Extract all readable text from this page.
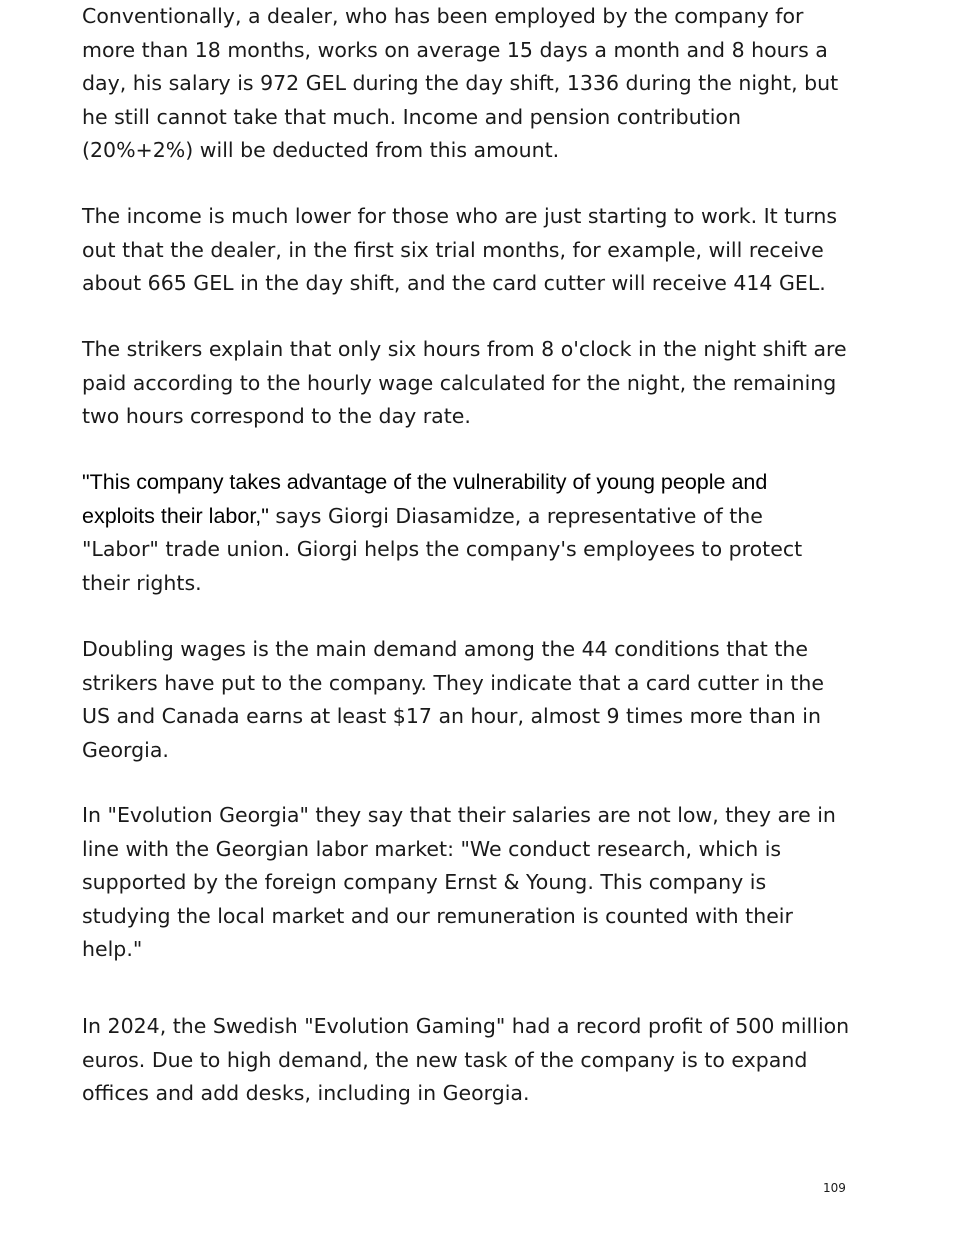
Conventionally, a dealer, who has been employed by the company for
more than 18 months, works on average 15 days a month and 8 hours a
day, his salary is 972 GEL during the day shift, 1336 during the night, but
he still cannot take that much. Income and pension contribution
(20%+2%) will be deducted from this amount.

The income is much lower for those who are just starting to work. It turns
out that the dealer, in the first six trial months, for example, will receive
about 665 GEL in the day shift, and the card cutter will receive 414 GEL.

The strikers explain that only six hours from 8 o'clock in the night shift are
paid according to the hourly wage calculated for the night, the remaining
two hours correspond to the day rate.

"This company takes advantage of the vulnerability of young people and
exploits their labor," says Giorgi Diasamidze, a representative of the
"Labor" trade union. Giorgi helps the company's employees to protect
their rights.

Doubling wages is the main demand among the 44 conditions that the
strikers have put to the company. They indicate that a card cutter in the
US and Canada earns at least $17 an hour, almost 9 times more than in
Georgia.

In "Evolution Georgia" they say that their salaries are not low, they are in
line with the Georgian labor market: "We conduct research, which is
supported by the foreign company Ernst & Young. This company is
studying the local market and our remuneration is counted with their
help."

In 2024, the Swedish "Evolution Gaming" had a record profit of 500 million
euros. Due to high demand, the new task of the company is to expand
offices and add desks, including in Georgia.

109
